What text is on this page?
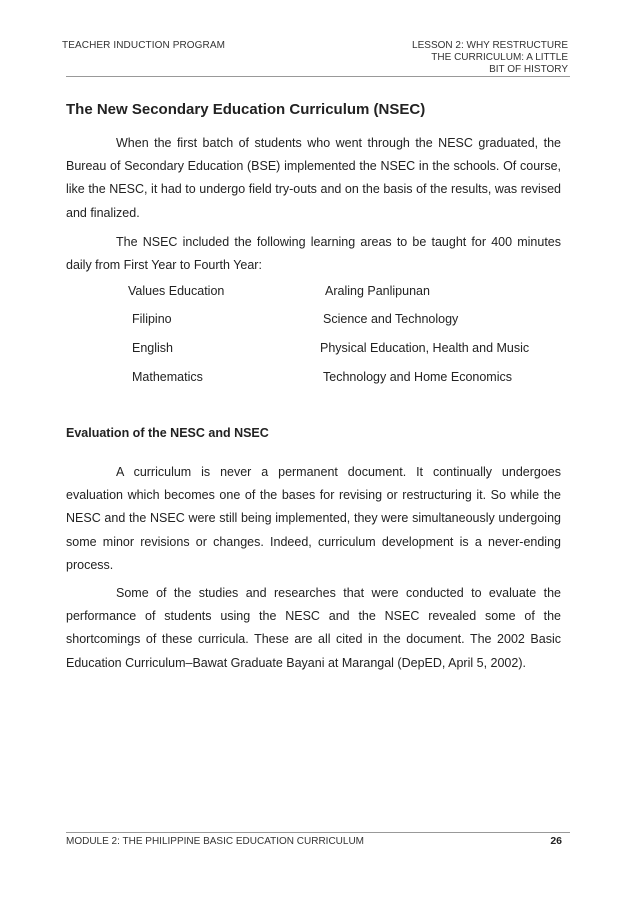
TEACHER INDUCTION PROGRAM	LESSON 2: WHY RESTRUCTURE
THE CURRICULUM: A LITTLE
BIT OF HISTORY
The New Secondary Education Curriculum (NSEC)
When the first batch of students who went through the NESC graduated, the Bureau of Secondary Education (BSE) implemented the NSEC in the schools. Of course, like the NESC, it had to undergo field try-outs and on the basis of the results, was revised and finalized.
The NSEC included the following learning areas to be taught for 400 minutes daily from First Year to Fourth Year:
Values Education	Araling Panlipunan
Filipino	Science and Technology
English	Physical Education, Health and Music
Mathematics	Technology and Home Economics
Evaluation of the NESC and NSEC
A curriculum is never a permanent document. It continually undergoes evaluation which becomes one of the bases for revising or restructuring it. So while the NESC and the NSEC were still being implemented, they were simultaneously undergoing some minor revisions or changes. Indeed, curriculum development is a never-ending process.
Some of the studies and researches that were conducted to evaluate the performance of students using the NESC and the NSEC revealed some of the shortcomings of these curricula. These are all cited in the document. The 2002 Basic Education Curriculum–Bawat Graduate Bayani at Marangal (DepED, April 5, 2002).
MODULE 2: THE PHILIPPINE BASIC EDUCATION CURRICULUM	26
